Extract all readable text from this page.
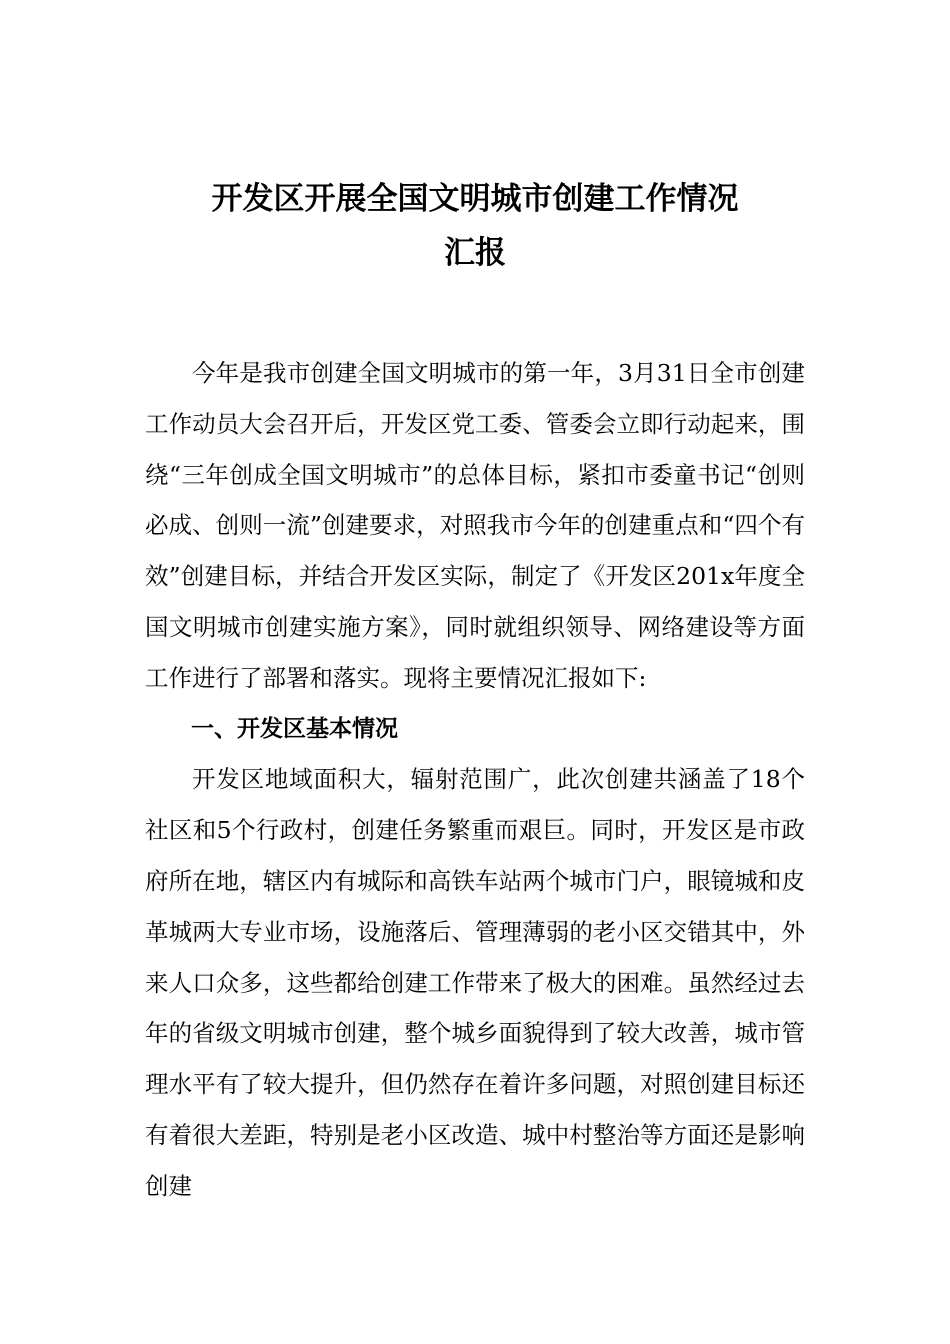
开发区开展全国文明城市创建工作情况
汇报

今年是我市创建全国文明城市的第一年，3月31日全市创建工作动员大会召开后，开发区党工委、管委会立即行动起来，围绕“三年创成全国文明城市”的总体目标，紧扣市委童书记“创则必成、创则一流”创建要求，对照我市今年的创建重点和“四个有效”创建目标，并结合开发区实际，制定了《开发区201x年度全国文明城市创建实施方案》，同时就组织领导、网络建设等方面工作进行了部署和落实。现将主要情况汇报如下:

一、开发区基本情况

开发区地域面积大，辐射范围广，此次创建共涵盖了18个社区和5个行政村，创建任务繁重而艰巨。同时，开发区是市政府所在地，辖区内有城际和高铁车站两个城市门户，眼镜城和皮革城两大专业市场，设施落后、管理薄弱的老小区交错其中，外来人口众多，这些都给创建工作带来了极大的困难。虽然经过去年的省级文明城市创建，整个城乡面貌得到了较大改善，城市管理水平有了较大提升，但仍然存在着许多问题，对照创建目标还有着很大差距，特别是老小区改造、城中村整治等方面还是影响创建
